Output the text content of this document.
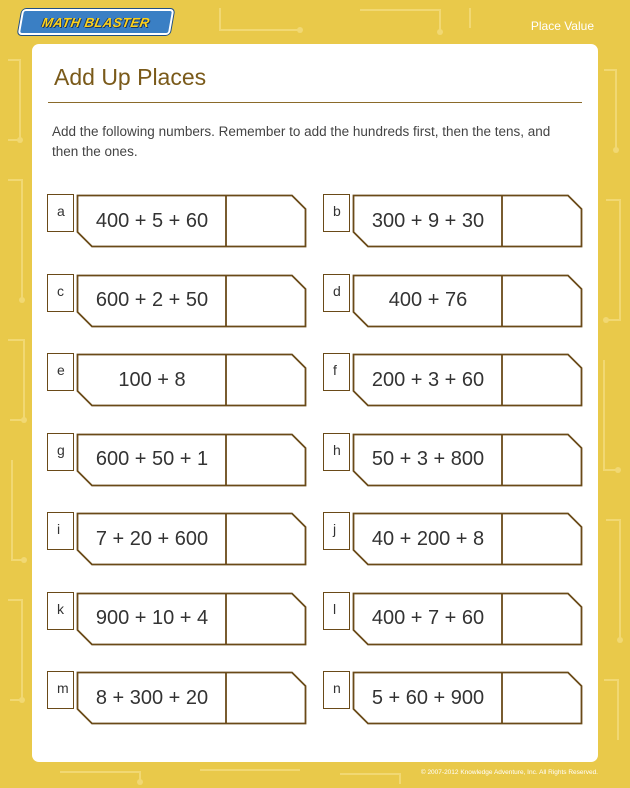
MATH BLASTER	Place Value
Add Up Places
Add the following numbers. Remember to add the hundreds first, then the tens, and then the ones.
a	400 + 5 + 60	b	300 + 9 + 30
c	600 + 2 + 50	d	400 + 76
e	100 + 8	f	200 + 3 + 60
g	600 + 50 + 1	h	50 + 3 + 800
i	7 + 20 + 600	j	40 + 200 + 8
k	900 + 10 + 4	l	400 + 7 + 60
m	8 + 300 + 20	n	5 + 60 + 900
© 2007-2012 Knowledge Adventure, Inc. All Rights Reserved.
